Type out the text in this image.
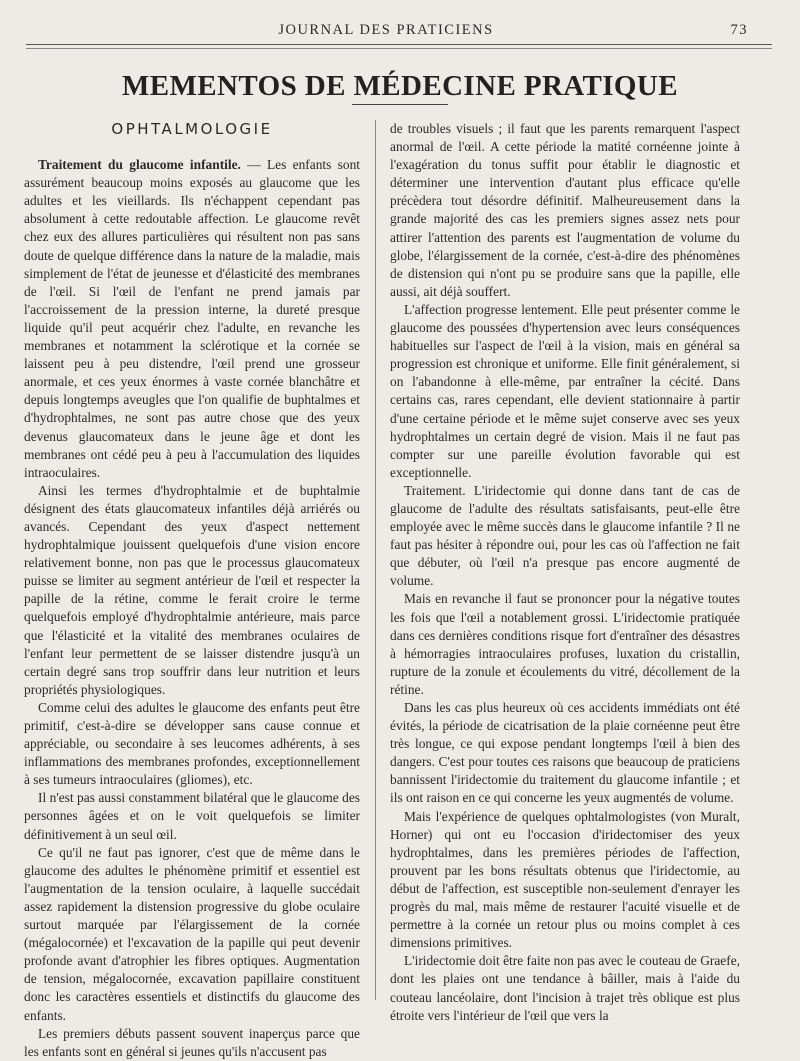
JOURNAL DES PRATICIENS	73
MEMENTOS DE MÉDECINE PRATIQUE
OPHTALMOLOGIE

Traitement du glaucome infantile. — Les enfants sont assurément beaucoup moins exposés au glaucome que les adultes et les vieillards. Ils n'échappent cependant pas absolument à cette redoutable affection. Le glaucome revêt chez eux des allures particulières qui résultent non pas sans doute de quelque différence dans la nature de la maladie, mais simplement de l'état de jeunesse et d'élasticité des membranes de l'œil. Si l'œil de l'enfant ne prend jamais par l'accroissement de la pression interne, la dureté presque liquide qu'il peut acquérir chez l'adulte, en revanche les membranes et notamment la sclérotique et la cornée se laissent peu à peu distendre, l'œil prend une grosseur anormale, et ces yeux énormes à vaste cornée blanchâtre et depuis longtemps aveugles que l'on qualifie de buphtalmes et d'hydrophtalmes, ne sont pas autre chose que des yeux devenus glaucomateux dans le jeune âge et dont les membranes ont cédé peu à peu à l'accumulation des liquides intraoculaires.

Ainsi les termes d'hydrophtalmie et de buphtalmie désignent des états glaucomateux infantiles déjà arriérés ou avancés. Cependant des yeux d'aspect nettement hydrophtalmique jouissent quelquefois d'une vision encore relativement bonne, non pas que le processus glaucomateux puisse se limiter au segment antérieur de l'œil et respecter la papille de la rétine, comme le ferait croire le terme quelquefois employé d'hydrophtalmie antérieure, mais parce que l'élasticité et la vitalité des membranes oculaires de l'enfant leur permettent de se laisser distendre jusqu'à un certain degré sans trop souffrir dans leur nutrition et leurs propriétés physiologiques.

Comme celui des adultes le glaucome des enfants peut être primitif, c'est-à-dire se développer sans cause connue et appréciable, ou secondaire à ses leucomes adhérents, à ses inflammations des membranes profondes, exceptionnellement à ses tumeurs intraoculaires (gliomes), etc.

Il n'est pas aussi constamment bilatéral que le glaucome des personnes âgées et on le voit quelquefois se limiter définitivement à un seul œil.

Ce qu'il ne faut pas ignorer, c'est que de même dans le glaucome des adultes le phénomène primitif et essentiel est l'augmentation de la tension oculaire, à laquelle succédait assez rapidement la distension progressive du globe oculaire surtout marquée par l'élargissement de la cornée (mégalocornée) et l'excavation de la papille qui peut devenir profonde avant d'atrophier les fibres optiques. Augmentation de tension, mégalocornée, excavation papillaire constituent donc les caractères essentiels et distinctifs du glaucome des enfants.

Les premiers débuts passent souvent inaperçus parce que les enfants sont en général si jeunes qu'ils n'accusent pas

de troubles visuels ; il faut que les parents remarquent l'aspect anormal de l'œil. A cette période la matité cornéenne jointe à l'exagération du tonus suffit pour établir le diagnostic et déterminer une intervention d'autant plus efficace qu'elle précèdera tout désordre définitif. Malheureusement dans la grande majorité des cas les premiers signes assez nets pour attirer l'attention des parents est l'augmentation de volume du globe, l'élargissement de la cornée, c'est-à-dire des phénomènes de distension qui n'ont pu se produire sans que la papille, elle aussi, ait déjà souffert.

L'affection progresse lentement. Elle peut présenter comme le glaucome des poussées d'hypertension avec leurs conséquences habituelles sur l'aspect de l'œil à la vision, mais en général sa progression est chronique et uniforme. Elle finit généralement, si on l'abandonne à elle-même, par entraîner la cécité. Dans certains cas, rares cependant, elle devient stationnaire à partir d'une certaine période et le même sujet conserve avec ses yeux hydrophtalmes un certain degré de vision. Mais il ne faut pas compter sur une pareille évolution favorable qui est exceptionnelle.

Traitement. L'iridectomie qui donne dans tant de cas de glaucome de l'adulte des résultats satisfaisants, peut-elle être employée avec le même succès dans le glaucome infantile ? Il ne faut pas hésiter à répondre oui, pour les cas où l'affection ne fait que débuter, où l'œil n'a presque pas encore augmenté de volume.

Mais en revanche il faut se prononcer pour la négative toutes les fois que l'œil a notablement grossi. L'iridectomie pratiquée dans ces dernières conditions risque fort d'entraîner des désastres à hémorragies intraoculaires profuses, luxation du cristallin, rupture de la zonule et écoulements du vitré, décollement de la rétine.

Dans les cas plus heureux où ces accidents immédiats ont été évités, la période de cicatrisation de la plaie cornéenne peut être très longue, ce qui expose pendant longtemps l'œil à bien des dangers. C'est pour toutes ces raisons que beaucoup de praticiens bannissent l'iridectomie du traitement du glaucome infantile ; et ils ont raison en ce qui concerne les yeux augmentés de volume.

Mais l'expérience de quelques ophtalmologistes (von Muralt, Horner) qui ont eu l'occasion d'iridectomiser des yeux hydrophtalmes, dans les premières périodes de l'affection, prouvent par les bons résultats obtenus que l'iridectomie, au début de l'affection, est susceptible non-seulement d'enrayer les progrès du mal, mais même de restaurer l'acuité visuelle et de permettre à la cornée un retour plus ou moins complet à ces dimensions primitives.

L'iridectomie doit être faite non pas avec le couteau de Graefe, dont les plaies ont une tendance à bâiller, mais à l'aide du couteau lancéolaire, dont l'incision à trajet très oblique est plus étroite vers l'intérieur de l'œil que vers la
